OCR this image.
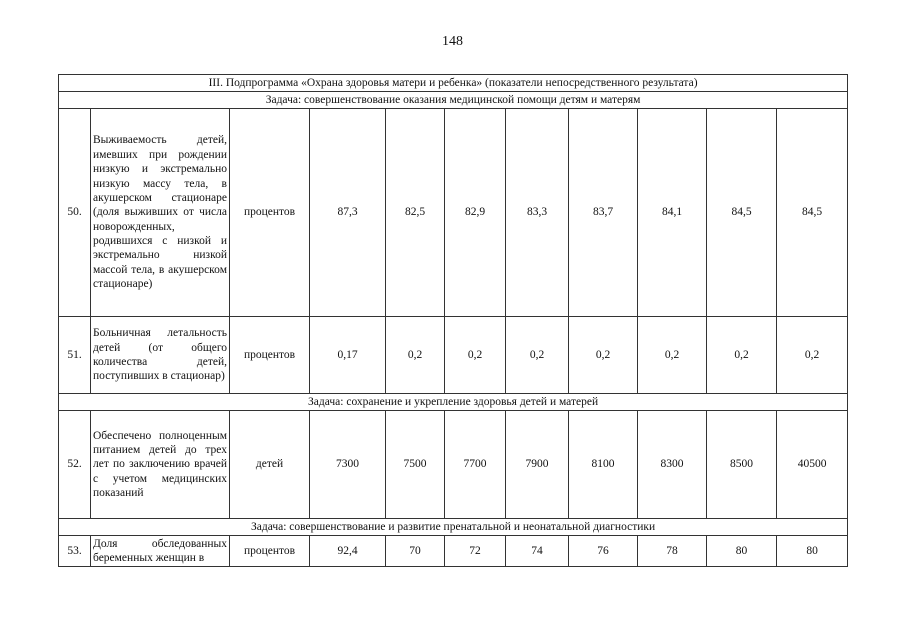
148
III. Подпрограмма «Охрана здоровья матери и ребенка» (показатели непосредственного результата)										
Задача: совершенствование оказания медицинской помощи детям и матерям										
50.	Выживаемость детей, имевших при рождении низкую и экстремально низкую массу тела, в акушерском стационаре (доля выживших от числа новорожденных, родившихся с низкой и экстремально низкой массой тела, в акушерском стационаре)	процентов	87,3	82,5	82,9	83,3	83,7	84,1	84,5	84,5
51.	Больничная летальность детей (от общего количества детей, поступивших в стационар)	процентов	0,17	0,2	0,2	0,2	0,2	0,2	0,2	0,2
Задача: сохранение и укрепление здоровья детей и матерей										
52.	Обеспечено полноценным питанием детей до трех лет по заключению врачей с учетом медицинских показаний	детей	7300	7500	7700	7900	8100	8300	8500	40500
Задача: совершенствование и развитие пренатальной и неонатальной диагностики										
53.	Доля обследованных беременных женщин в	процентов	92,4	70	72	74	76	78	80	80
